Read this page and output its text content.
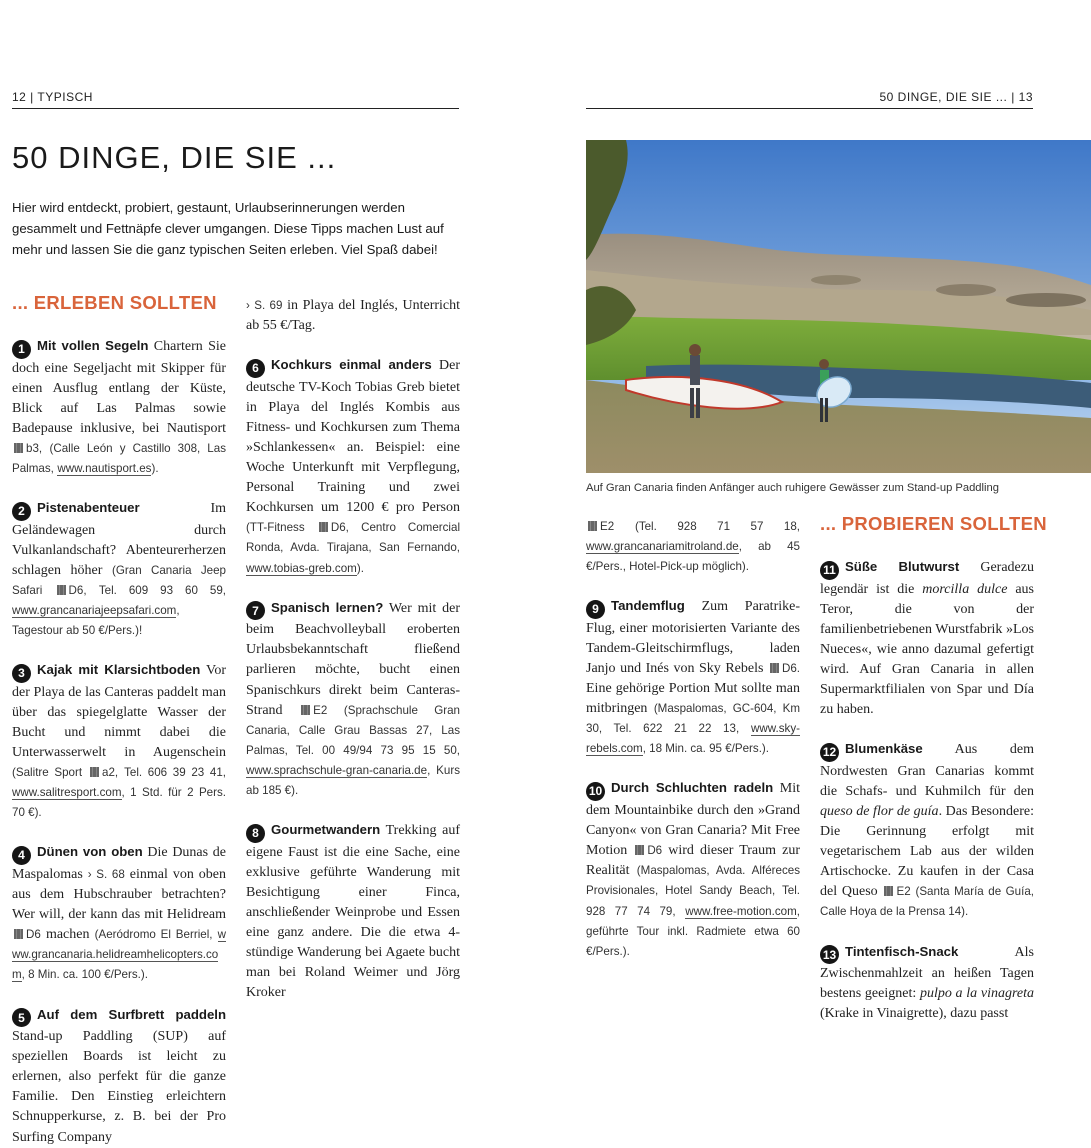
12 | TYPISCH	50 DINGE, DIE SIE ... | 13
50 DINGE, DIE SIE ...
Hier wird entdeckt, probiert, gestaunt, Urlaubserinnerungen werden gesammelt und Fettnäpfe clever umgangen. Diese Tipps machen Lust auf mehr und lassen Sie die ganz typischen Seiten erleben. Viel Spaß dabei!
... ERLEBEN SOLLTEN

1 Mit vollen Segeln Chartern Sie doch eine Segeljacht mit Skipper für einen Ausflug entlang der Küste, Blick auf Las Palmas sowie Badepause inklusive, bei Nautisport b3, (Calle León y Castillo 308, Las Palmas, www.nautisport.es).

2 Pistenabenteuer	Im Geländewagen durch Vulkanlandschaft? Abenteurerherzen schlagen höher (Gran Canaria Jeep Safari D6, Tel. 609 93 60 59, www.grancanariajeepsafari.com, Tagestour ab 50 €/Pers.)!

3 Kajak mit Klarsichtboden Vor der Playa de las Canteras paddelt man über das spiegelglatte Wasser der Bucht und nimmt dabei die Unterwasserwelt in Augenschein (Salitre Sport a2, Tel. 606 39 23 41, www.salitresport.com, 1 Std. für 2 Pers. 70 €).

4 Dünen von oben Die Dunas de Maspalomas › S. 68 einmal von oben aus dem Hubschrauber betrachten? Wer will, der kann das mit Helidream D6 machen (Aeródromo El Berriel, www.grancanaria.helidreamhelicopters.com, 8 Min. ca. 100 €/Pers.).

5 Auf dem Surfbrett paddeln Stand-up Paddling (SUP) auf speziellen Boards ist leicht zu erlernen, also perfekt für die ganze Familie. Den Einstieg erleichtern Schnupperkurse, z. B. bei der Pro Surfing Company

› S. 69 in Playa del Inglés, Unterricht ab 55 €/Tag.

6 Kochkurs einmal anders Der deutsche TV-Koch Tobias Greb bietet in Playa del Inglés Kombis aus Fitness- und Kochkursen zum Thema »Schlankessen« an. Beispiel: eine Woche Unterkunft mit Verpflegung, Personal Training und zwei Kochkursen um 1200 € pro Person (TT-Fitness D6, Centro Comercial Ronda, Avda. Tirajana, San Fernando, www.tobias-greb.com).

7 Spanisch lernen? Wer mit der beim Beachvolleyball eroberten Urlaubsbekanntschaft fließend parlieren möchte, bucht einen Spanischkurs direkt beim Canteras-Strand	E2 (Sprachschule Gran Canaria, Calle Grau Bassas 27, Las Palmas, Tel. 00 49/94 73 95 15 50, www.sprachschule-gran-canaria.de, Kurs ab 185 €).

8 Gourmetwandern Trekking auf eigene Faust ist die eine Sache, eine exklusive geführte Wanderung mit Besichtigung einer Finca, anschließender Weinprobe und Essen eine ganz andere. Die die etwa 4-stündige Wanderung bei Agaete bucht man bei Roland Weimer und Jörg Kroker

Auf Gran Canaria finden Anfänger auch ruhigere Gewässer zum Stand-up Paddling

E2 (Tel. 928 71 57 18, www.grancanariamitroland.de, ab 45 €/Pers., Hotel-Pick-up möglich).

9 Tandemflug Zum Paratrike-Flug, einer motorisierten Variante des Tandem-Gleitschirmflugs, laden Janjo und Inés von Sky Rebels D6. Eine gehörige Portion Mut sollte man mitbringen (Maspalomas, GC-604, Km 30, Tel. 622 21 22 13, www.sky-rebels.com, 18 Min. ca. 95 €/Pers.).

10 Durch Schluchten radeln Mit dem Mountainbike durch den »Grand Canyon« von Gran Canaria? Mit Free Motion D6 wird dieser Traum zur Realität (Maspalomas, Avda. Alféreces Provisionales, Hotel Sandy Beach, Tel. 928 77 74 79, www.free-motion.com, geführte Tour inkl. Radmiete etwa 60 €/Pers.).

... PROBIEREN SOLLTEN

11 Süße Blutwurst Geradezu legendär ist die morcilla dulce aus Teror, die von der familienbetriebenen Wurstfabrik »Los Nueces«, wie anno dazumal gefertigt wird. Auf Gran Canaria in allen Supermarktfilialen von Spar und Día zu haben.

12 Blumenkäse Aus dem Nordwesten Gran Canarias kommt die Schafs- und Kuhmilch für den queso de flor de guía. Das Besondere: Die Gerinnung erfolgt mit vegetarischem Lab aus der wilden Artischocke. Zu kaufen in der Casa del Queso E2 (Santa María de Guía, Calle Hoya de la Prensa 14).

13 Tintenfisch-Snack	Als Zwischenmahlzeit an heißen Tagen bestens geeignet: pulpo a la vinagreta (Krake in Vinaigrette), dazu passt
